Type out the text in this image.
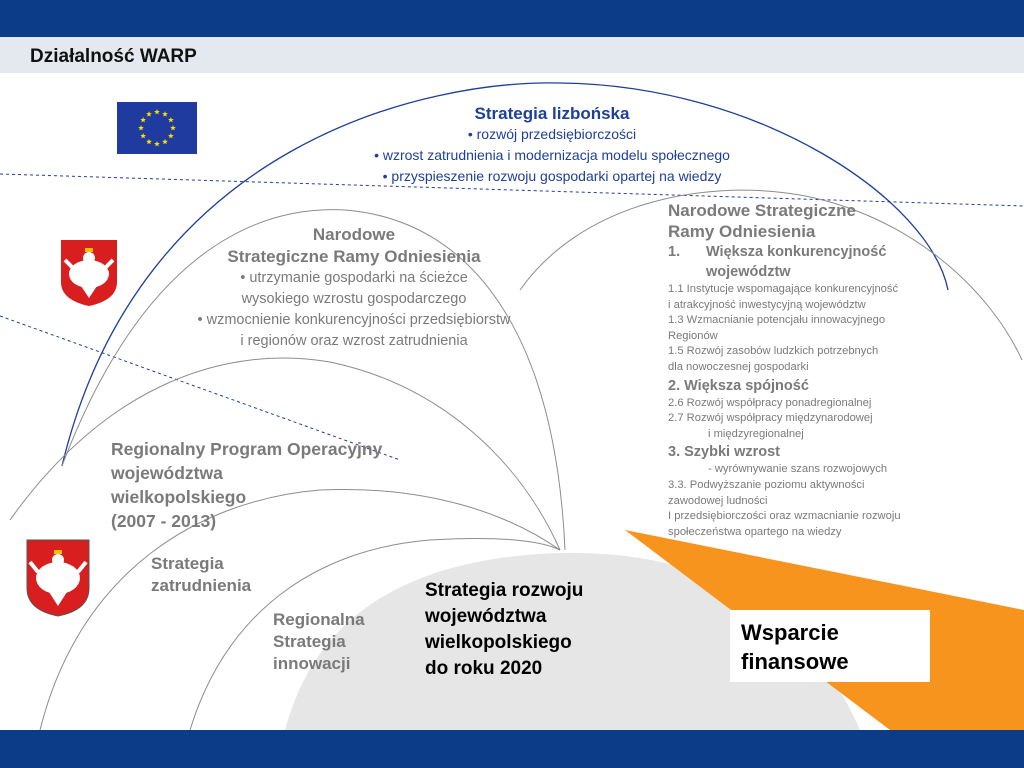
Działalność WARP
Strategia lizbońska
• rozwój przedsiębiorczości
• wzrost zatrudnienia i modernizacja modelu społecznego
• przyspieszenie rozwoju gospodarki opartej na wiedzy
Narodowe
Strategiczne Ramy Odniesienia
• utrzymanie gospodarki na ścieżce
wysokiego wzrostu gospodarczego
• wzmocnienie konkurencyjności przedsiębiorstw
i regionów oraz wzrost zatrudnienia
Narodowe Strategiczne
Ramy Odniesienia
1. Większa konkurencyjność
województw
1.1 Instytucje wspomagające konkurencyjność
i atrakcyjność inwestycyjną województw
1.3 Wzmacnianie potencjału innowacyjnego
Regionów
1.5 Rozwój zasobów ludzkich potrzebnych
dla nowoczesnej gospodarki
2. Większa spójność
2.6 Rozwój współpracy ponadregionalnej
2.7 Rozwój współpracy międzynarodowej
i międzyregionalnej
3. Szybki wzrost
- wyrównywanie szans rozwojowych
3.3. Podwyższanie poziomu aktywności
zawodowej ludności
I przedsiębiorczości oraz wzmacnianie rozwoju
społeczeństwa opartego na wiedzy
Regionalny Program Operacyjny
województwa
wielkopolskiego
(2007 - 2013)
Strategia
zatrudnienia
Regionalna
Strategia
innowacji
Strategia rozwoju
województwa
wielkopolskiego
do roku 2020
Wsparcie
finansowe
